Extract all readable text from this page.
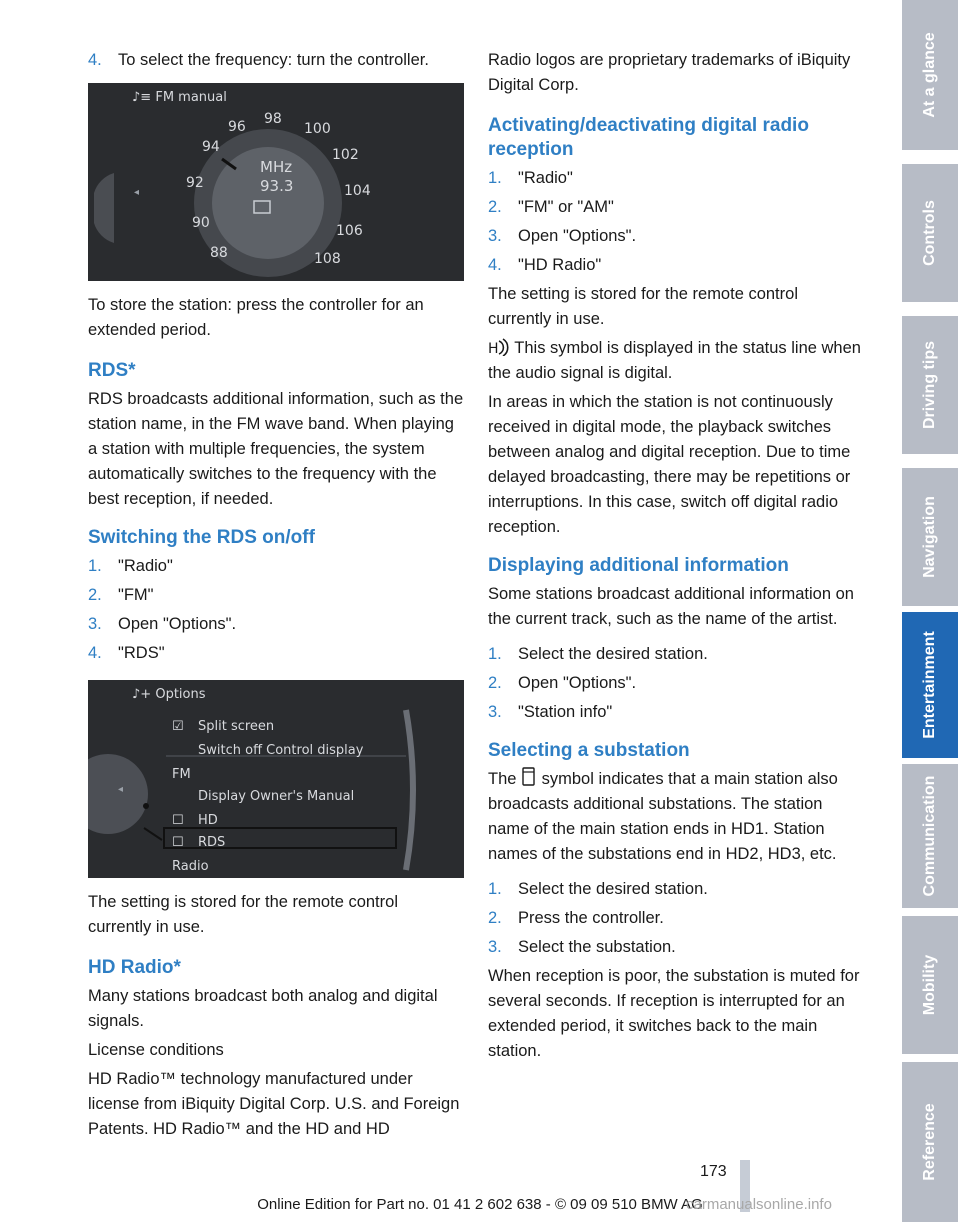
4. To select the frequency: turn the controller.
♪≡ FM manual
◂
MHz
93.3
88
90
92
94
96 98
100
102
104
106
108

To store the station: press the controller for an extended period.

RDS*

RDS broadcasts additional information, such as the station name, in the FM wave band. When playing a station with multiple frequencies, the system automatically switches to the frequency with the best reception, if needed.

Switching the RDS on/off
1. "Radio"
2. "FM"
3. Open "Options".
4. "RDS"
♪+ Options
◂
☑ Split screen
Switch off Control display
FM
Display Owner's Manual
☐ HD
☐ RDS
Radio

The setting is stored for the remote control currently in use.

HD Radio*

Many stations broadcast both analog and digital signals.

License conditions

HD Radio™ technology manufactured under license from iBiquity Digital Corp. U.S. and Foreign Patents. HD Radio™ and the HD and HD

Radio logos are proprietary trademarks of iBiquity Digital Corp.

Activating/deactivating digital radio reception
1. "Radio"
2. "FM" or "AM"
3. Open "Options".
4. "HD Radio"

The setting is stored for the remote control currently in use.

H This symbol is displayed in the status line when the audio signal is digital.

In areas in which the station is not continuously received in digital mode, the playback switches between analog and digital reception. Due to time delayed broadcasting, there may be repetitions or interruptions. In this case, switch off digital radio reception.

Displaying additional information

Some stations broadcast additional information on the current track, such as the name of the artist.

1. Select the desired station.
2. Open "Options".
3. "Station info"
Selecting a substation

The symbol indicates that a main station also broadcasts additional substations. The station name of the main station ends in HD1. Station names of the substations end in HD2, HD3, etc.

1. Select the desired station.
2. Press the controller.
3. Select the substation.

When reception is poor, the substation is muted for several seconds. If reception is interrupted for an extended period, it switches back to the main station.

At a glance
Controls
Driving tips
Navigation
Entertainment
Communication
Mobility
Reference
173
Online Edition for Part no. 01 41 2 602 638 - © 09 09 510 BMW AG
carmanualsonline.info
